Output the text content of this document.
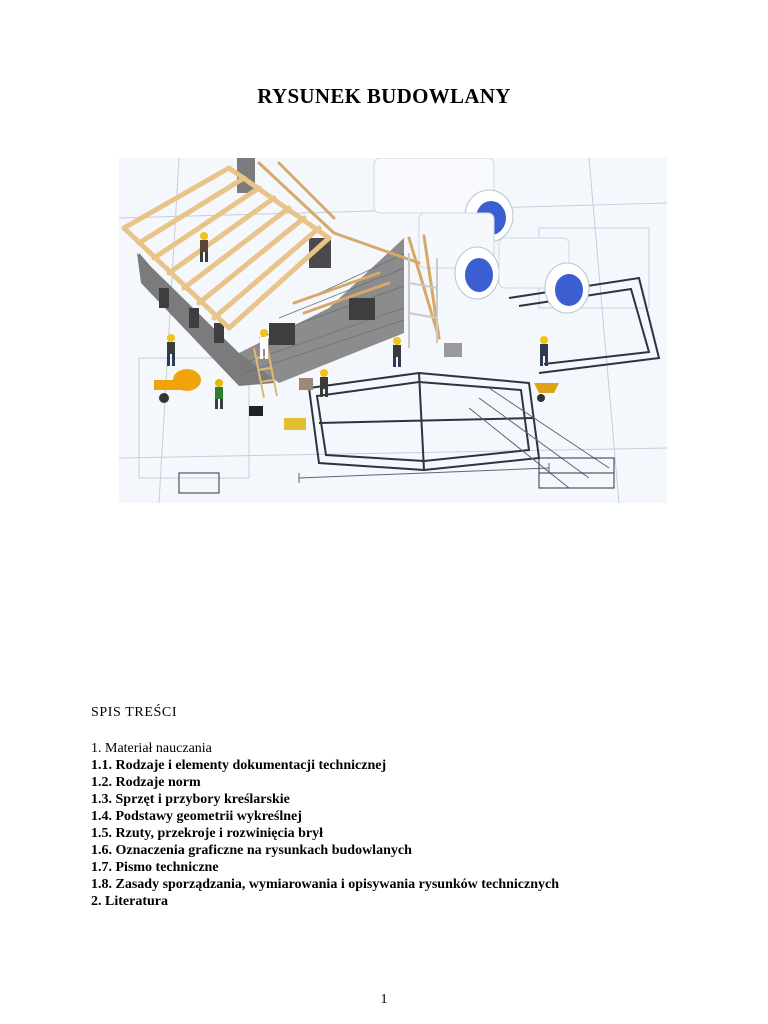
RYSUNEK BUDOWLANY
SPIS TREŚCI
1. Materiał nauczania
1.1. Rodzaje i elementy dokumentacji technicznej
1.2. Rodzaje norm
1.3. Sprzęt i przybory kreślarskie
1.4. Podstawy geometrii wykreślnej
1.5. Rzuty, przekroje i rozwinięcia brył
1.6. Oznaczenia graficzne na rysunkach budowlanych
1.7. Pismo techniczne
1.8. Zasady sporządzania, wymiarowania i opisywania rysunków technicznych
2. Literatura
1
